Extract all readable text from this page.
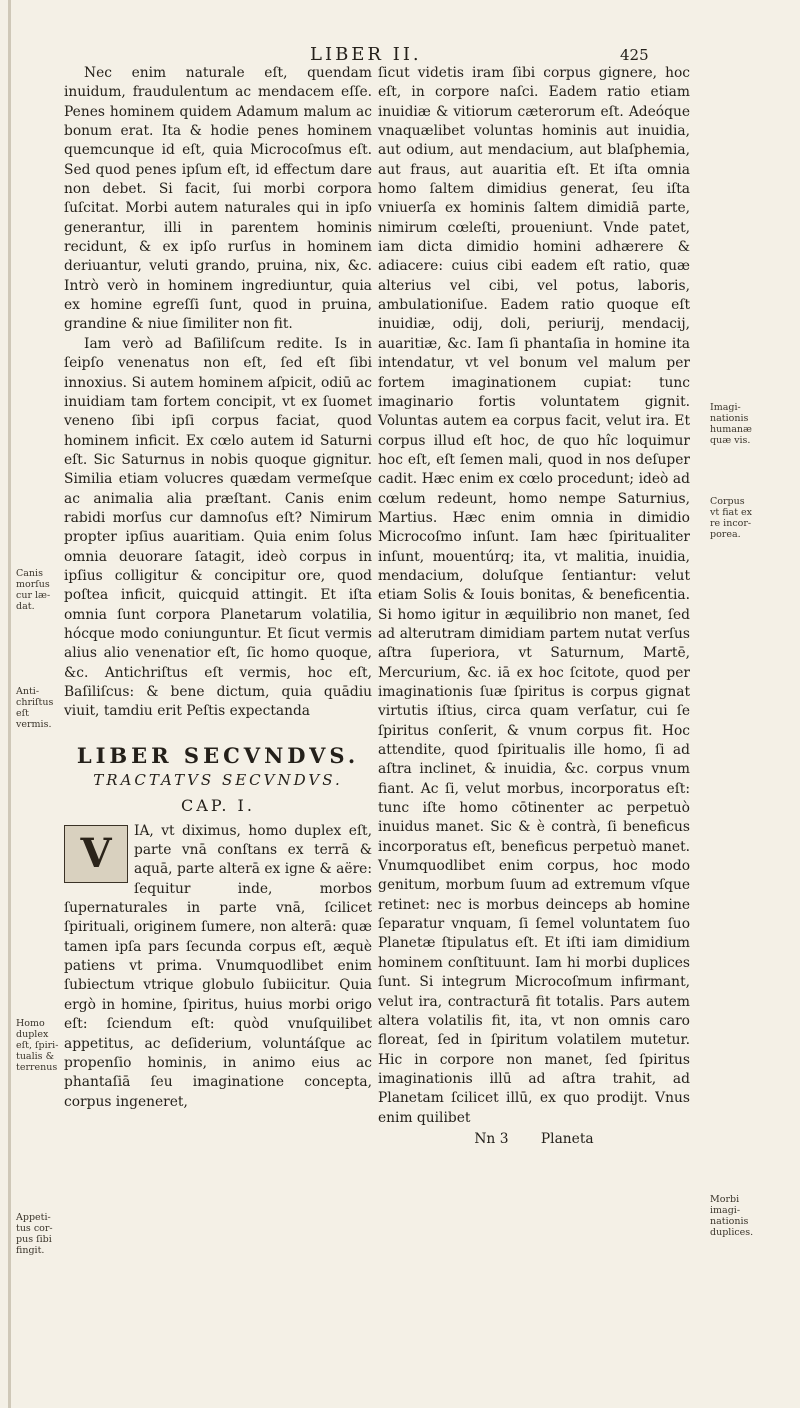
LIBER II.	425

Nec enim naturale eſt, quendam inuidum, fraudulentum ac mendacem eſſe. Penes hominem quidem Adamum malum ac bonum erat. Ita & hodie penes hominem quemcunque id eſt, quia Microcoſmus eſt. Sed quod penes ipſum eſt, id effectum dare non debet. Si facit, ſui morbi corpora ſuſcitat. Morbi autem naturales qui in ipſo generantur, illi in parentem hominis recidunt, & ex ipſo rurſus in hominem deriuantur, veluti grando, pruina, nix, &c. Intrò verò in hominem ingrediuntur, quia ex homine egreſſi ſunt, quod in pruina, grandine & niue ſimiliter non fit.

Iam verò ad Baſiliſcum redite. Is in ſeipſo venenatus non eſt, ſed eſt ſibi innoxius. Si autem hominem aſpicit, odiū ac inuidiam tam fortem concipit, vt ex ſuomet veneno ſibi ipſi corpus faciat, quod hominem inficit. Ex cœlo autem id Saturni eſt. Sic Saturnus in nobis quoque gignitur. Similia etiam volucres quædam vermeſque ac animalia alia præſtant. Canis enim rabidi morſus cur damnoſus eſt? Nimirum propter ipſius auaritiam. Quia enim ſolus omnia deuorare ſatagit, ideò corpus in ipſius colligitur & concipitur ore, quod poſtea inficit, quicquid attingit. Et iſta omnia ſunt corpora Planetarum volatilia, hócque modo coniunguntur. Et ſicut vermis alius alio venenatior eſt, ſic homo quoque, &c. Antichriſtus eſt vermis, hoc eſt, Baſiliſcus: & bene dictum, quia quādiu viuit, tamdiu erit Peſtis expectanda

LIBER SECVNDVS.
TRACTATVS SECVNDVS.
CAP. I.
V	IA, vt diximus, homo duplex eſt, parte vnā conſtans ex terrā & aquā, parte alterā ex igne & aëre: ſequitur inde, morbos ſupernaturales in parte vnā, ſcilicet ſpirituali, originem ſumere, non alterā: quæ tamen ipſa pars ſecunda corpus eſt, æquè patiens vt prima. Vnumquodlibet enim ſubiectum vtrique globulo ſubiicitur. Quia ergò in homine, ſpiritus, huius morbi origo eſt: ſciendum eſt: quòd vnuſquilibet appetitus, ac deſiderium, voluntáſque ac propenſio hominis, in animo eius ac phantaſiā ſeu imaginatione concepta, corpus ingeneret,

ſicut videtis iram ſibi corpus gignere, hoc eſt, in corpore naſci. Eadem ratio etiam inuidiæ & vitiorum cæterorum eſt. Adeóque vnaquælibet voluntas hominis aut inuidia, aut odium, aut mendacium, aut blaſphemia, aut fraus, aut auaritia eſt. Et iſta omnia homo ſaltem dimidius generat, ſeu iſta vniuerſa ex hominis ſaltem dimidiā parte, nimirum cœleſti, proueniunt. Vnde patet, iam dicta dimidio homini adhærere & adiacere: cuius cibi eadem eſt ratio, quæ alterius vel cibi, vel potus, laboris, ambulationiſue. Eadem ratio quoque eſt inuidiæ, odij, doli, periurij, mendacij, auaritiæ, &c. Iam ſi phantaſia in homine ita intendatur, vt vel bonum vel malum per fortem imaginationem cupiat: tunc imaginario fortis voluntatem gignit. Voluntas autem ea corpus facit, velut ira. Et corpus illud eſt hoc, de quo hîc loquimur hoc eſt, eſt ſemen mali, quod in nos deſuper cadit. Hæc enim ex cœlo procedunt; ideò ad cœlum redeunt, homo nempe Saturnius, Martius. Hæc enim omnia in dimidio Microcoſmo inſunt. Iam hæc ſpiritualiter inſunt, mouentúrq; ita, vt malitia, inuidia, mendacium, doluſque ſentiantur: velut etiam Solis & Iouis bonitas, & beneficentia. Si homo igitur in æquilibrio non manet, ſed ad alterutram dimidiam partem nutat verſus aſtra ſuperiora, vt Saturnum, Martē, Mercurium, &c. iā ex hoc ſcitote, quod per imaginationis ſuæ ſpiritus is corpus gignat virtutis iſtius, circa quam verſatur, cui ſe ſpiritus conſerit, & vnum corpus fit. Hoc attendite, quod ſpiritualis ille homo, ſi ad aſtra inclinet, & inuidia, &c. corpus vnum fiant. Ac ſi, velut morbus, incorporatus eſt: tunc iſte homo cōtinenter ac perpetuò inuidus manet. Sic & è contrà, ſi beneficus incorporatus eſt, beneficus perpetuò manet. Vnumquodlibet enim corpus, hoc modo genitum, morbum ſuum ad extremum vſque retinet: nec is morbus deinceps ab homine ſeparatur vnquam, ſi ſemel voluntatem ſuo Planetæ ſtipulatus eſt. Et iſti iam dimidium hominem conſtituunt. Iam hi morbi duplices ſunt. Si integrum Microcoſmum infirmant, velut ira, contracturā fit totalis. Pars autem altera volatilis fit, ita, vt non omnis caro floreat, ſed in ſpiritum volatilem mutetur. Hic in corpore non manet, ſed ſpiritus imaginationis illū ad aſtra trahit, ad Planetam ſcilicet illū, ex quo prodijt. Vnus enim quilibet

Nn 3 Planeta
Canis morſus cur læ-dat.
Anti-chriſtus eſt vermis.
Homo duplex eſt, ſpiri-tualis & terrenus
Appeti-tus cor-pus ſibi fingit.
Imagi-nationis humanæ quæ vis.
Corpus vt fiat ex re incor-porea.
Morbi imagi-nationis duplices.
